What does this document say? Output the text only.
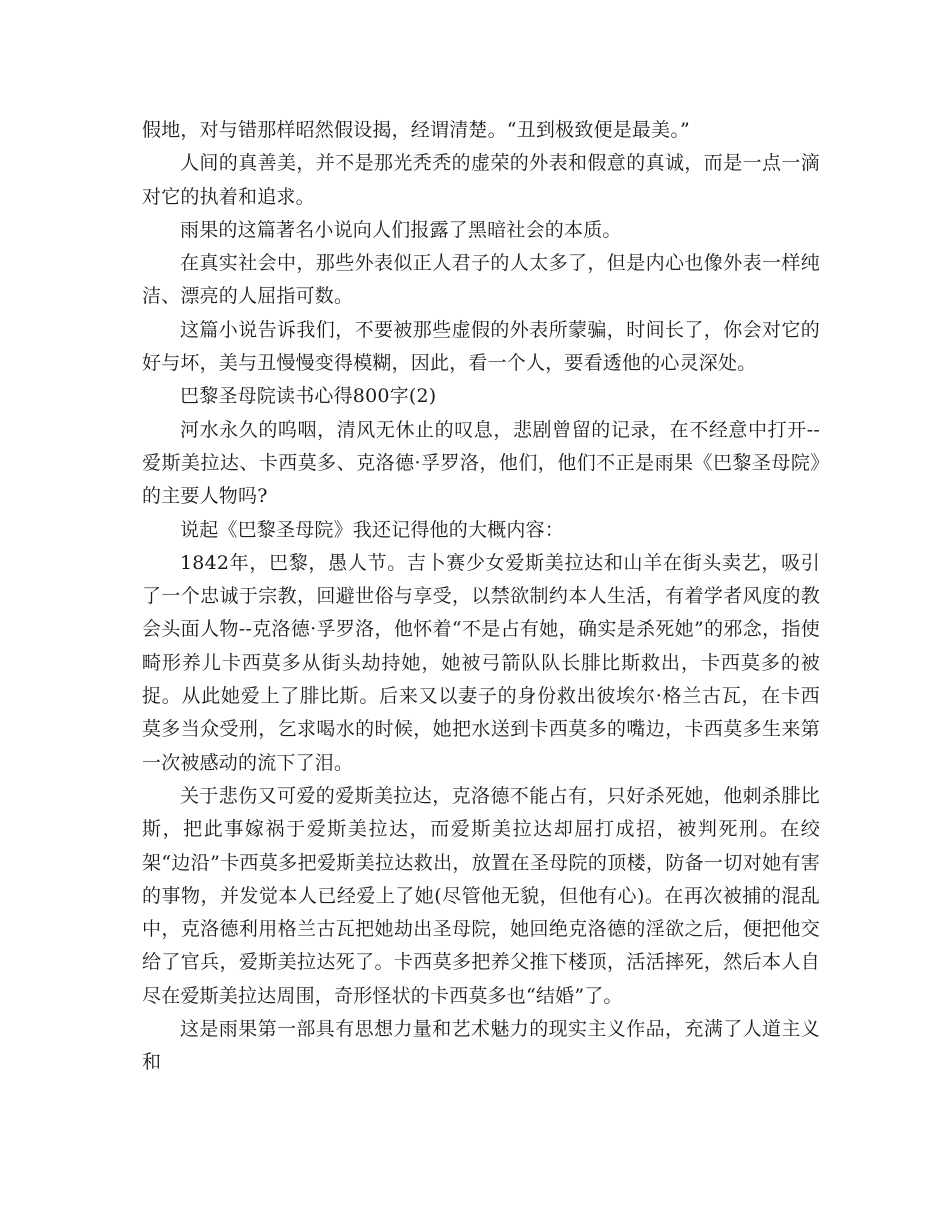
假地，对与错那样昭然假设揭，经谓清楚。“丑到极致便是最美。”

人间的真善美，并不是那光秃秃的虚荣的外表和假意的真诚，而是一点一滴对它的执着和追求。

雨果的这篇著名小说向人们报露了黑暗社会的本质。

在真实社会中，那些外表似正人君子的人太多了，但是内心也像外表一样纯洁、漂亮的人屈指可数。

这篇小说告诉我们，不要被那些虚假的外表所蒙骗，时间长了，你会对它的好与坏，美与丑慢慢变得模糊，因此，看一个人，要看透他的心灵深处。

巴黎圣母院读书心得800字(2)

河水永久的呜咽，清风无休止的叹息，悲剧曾留的记录，在不经意中打开--爱斯美拉达、卡西莫多、克洛德·孚罗洛，他们，他们不正是雨果《巴黎圣母院》的主要人物吗?

说起《巴黎圣母院》我还记得他的大概内容：

1842年，巴黎，愚人节。吉卜赛少女爱斯美拉达和山羊在街头卖艺，吸引了一个忠诚于宗教，回避世俗与享受，以禁欲制约本人生活，有着学者风度的教会头面人物--克洛德·孚罗洛，他怀着“不是占有她，确实是杀死她”的邪念，指使畸形养儿卡西莫多从街头劫持她，她被弓箭队队长腓比斯救出，卡西莫多的被捉。从此她爱上了腓比斯。后来又以妻子的身份救出彼埃尔·格兰古瓦，在卡西莫多当众受刑，乞求喝水的时候，她把水送到卡西莫多的嘴边，卡西莫多生来第一次被感动的流下了泪。

关于悲伤又可爱的爱斯美拉达，克洛德不能占有，只好杀死她，他刺杀腓比斯，把此事嫁祸于爱斯美拉达，而爱斯美拉达却屈打成招，被判死刑。在绞架“边沿”卡西莫多把爱斯美拉达救出，放置在圣母院的顶楼，防备一切对她有害的事物，并发觉本人已经爱上了她(尽管他无貌，但他有心)。在再次被捕的混乱中，克洛德利用格兰古瓦把她劫出圣母院，她回绝克洛德的淫欲之后，便把他交给了官兵，爱斯美拉达死了。卡西莫多把养父推下楼顶，活活摔死，然后本人自尽在爱斯美拉达周围，奇形怪状的卡西莫多也“结婚”了。

这是雨果第一部具有思想力量和艺术魅力的现实主义作品，充满了人道主义和
